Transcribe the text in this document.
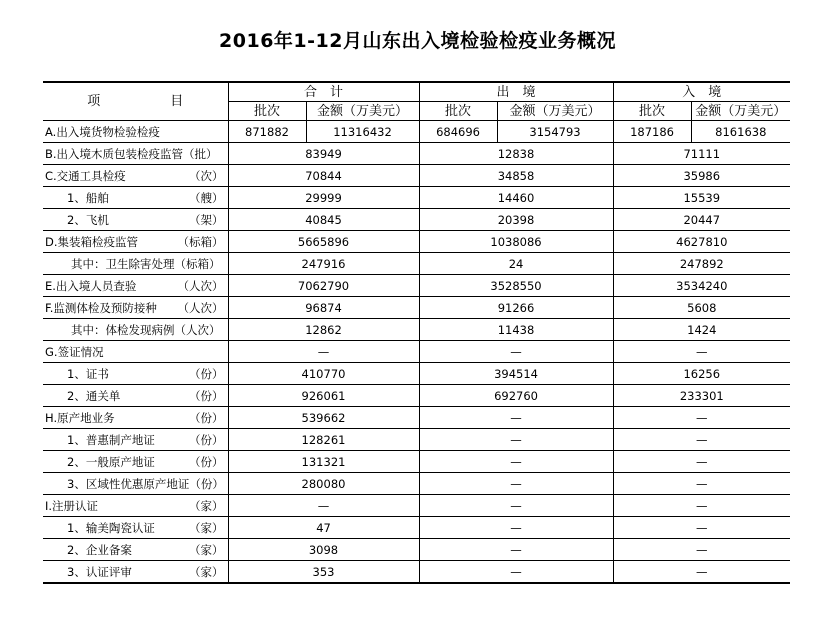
2016年1-12月山东出入境检验检疫业务概况
项 目	合　计		出　境		入　境	
	批次	金额（万美元）	批次	金额（万美元）	批次	金额（万美元）
A.出入境货物检验检疫	871882	11316432	684696	3154793	187186	8161638
B.出入境木质包装检疫监管（批）	83949		12838		71111	
C.交通工具检疫 （次）	70844		34858		35986	
1、船舶 （艘）	29999		14460		15539	
2、飞机 （架）	40845		20398		20447	
D.集装箱检疫监管 （标箱）	5665896		1038086		4627810	
其中：卫生除害处理（标箱）	247916		24		247892	
E.出入境人员查验 （人次）	7062790		3528550		3534240	
F.监测体检及预防接种 （人次）	96874		91266		5608	
其中：体检发现病例（人次）	12862		11438		1424	
G.签证情况	—		—		—	
1、证书 （份）	410770		394514		16256	
2、通关单 （份）	926061		692760		233301	
H.原产地业务 （份）	539662		—		—	
1、普惠制产地证 （份）	128261		—		—	
2、一般原产地证 （份）	131321		—		—	
3、区域性优惠原产地证（份）	280080		—		—	
I.注册认证 （家）	—		—		—	
1、输美陶瓷认证 （家）	47		—		—	
2、企业备案 （家）	3098		—		—	
3、认证评审 （家）	353		—		—	
